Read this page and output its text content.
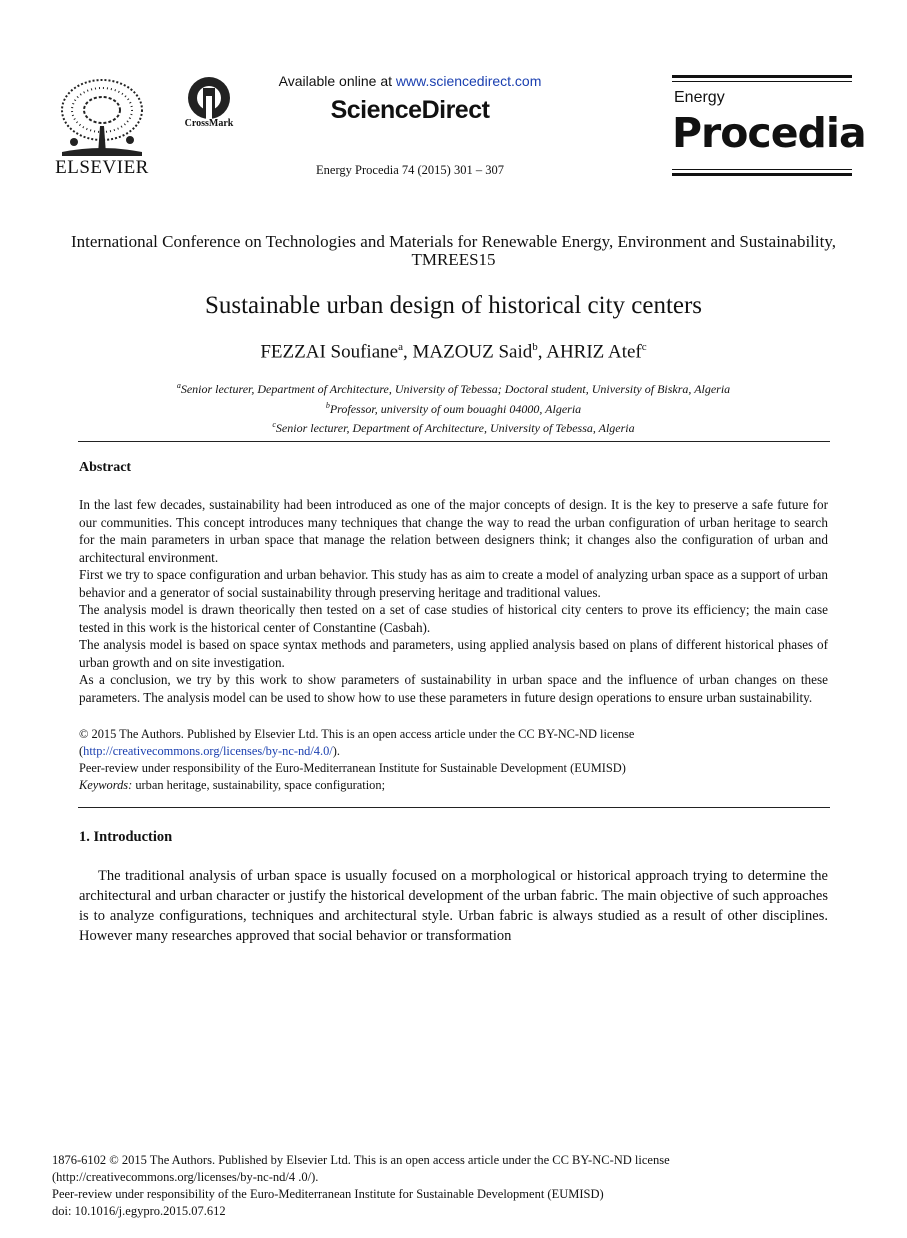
ELSEVIER
CrossMark
Available online at www.sciencedirect.com
ScienceDirect
Energy Procedia 74 (2015) 301 – 307
Energy
Procedia
International Conference on Technologies and Materials for Renewable Energy, Environment and Sustainability, TMREES15
Sustainable urban design of historical city centers
FEZZAI Soufiane$^a$, MAZOUZ Said$^b$, AHRIZ Atef$^c$
$^a$Senior lecturer, Department of Architecture, University of Tebessa; Doctoral student, University of Biskra, Algeria
$^b$Professor, university of oum bouaghi 04000, Algeria
$^c$Senior lecturer, Department of Architecture, University of Tebessa, Algeria
Abstract

In the last few decades, sustainability had been introduced as one of the major concepts of design. It is the key to preserve a safe future for our communities. This concept introduces many techniques that change the way to read the urban configuration of urban heritage to search for the main parameters in urban space that manage the relation between designers think; it changes also the configuration of urban and architectural environment.

First we try to space configuration and urban behavior. This study has as aim to create a model of analyzing urban space as a support of urban behavior and a generator of social sustainability through preserving heritage and traditional values.

The analysis model is drawn theorically then tested on a set of case studies of historical city centers to prove its efficiency; the main case tested in this work is the historical center of Constantine (Casbah).

The analysis model is based on space syntax methods and parameters, using applied analysis based on plans of different historical phases of urban growth and on site investigation.

As a conclusion, we try by this work to show parameters of sustainability in urban space and the influence of urban changes on these parameters. The analysis model can be used to show how to use these parameters in future design operations to ensure urban sustainability.

© 2015 The Authors. Published by Elsevier Ltd. This is an open access article under the CC BY-NC-ND license
(http://creativecommons.org/licenses/by-nc-nd/4.0/).
Peer-review under responsibility of the Euro-Mediterranean Institute for Sustainable Development (EUMISD)
Keywords: urban heritage, sustainability, space configuration;
1. Introduction
The traditional analysis of urban space is usually focused on a morphological or historical approach trying to determine the architectural and urban character or justify the historical development of the urban fabric. The main objective of such approaches is to analyze configurations, techniques and architectural style. Urban fabric is always studied as a result of other disciplines. However many researches approved that social behavior or transformation
1876-6102 © 2015 The Authors. Published by Elsevier Ltd. This is an open access article under the CC BY-NC-ND license
(http://creativecommons.org/licenses/by-nc-nd/4 .0/).
Peer-review under responsibility of the Euro-Mediterranean Institute for Sustainable Development (EUMISD)
doi: 10.1016/j.egypro.2015.07.612
